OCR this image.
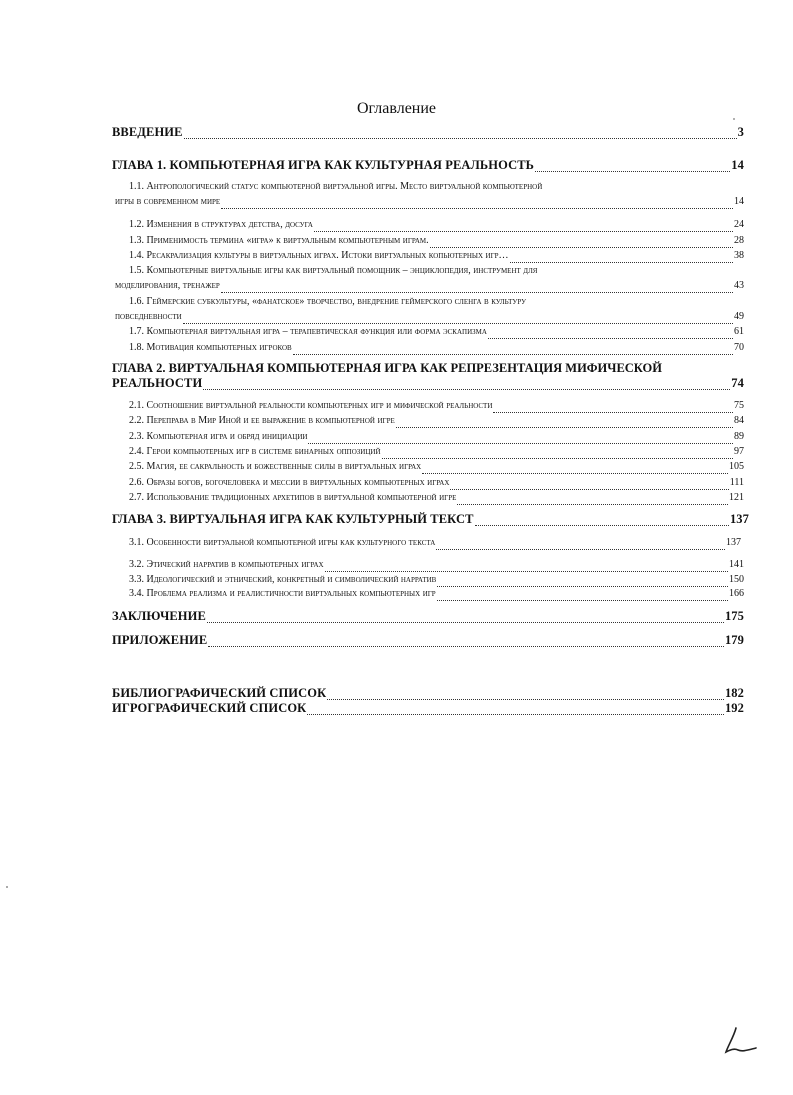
Оглавление
ВВЕДЕНИЕ	3
ГЛАВА 1. КОМПЬЮТЕРНАЯ ИГРА КАК КУЛЬТУРНАЯ РЕАЛЬНОСТЬ	14
1.1. Антропологический статус компьютерной виртуальной игры. Место виртуальной компьютерной
игры в современном мире	14
1.2. Изменения в структурах детства, досуга	24
1.3. Применимость термина «игра» к виртуальным компьютерным играм.	28
1.4. Ресакрализация культуры в виртуальных играх. Истоки виртуальных копьютерных игр…	38
1.5. Компьютерные виртуальные игры как виртуальный помощник – энциклопедия, инструмент для
моделирования, тренажер	43
1.6. Геймерские субкультуры, «фанатское» творчество, внедрение геймерского сленга в культуру
повседневности	49
1.7. Компьютерная виртуальная игра – терапевтическая функция или форма эскапизма	61
1.8. Мотивация компьютерных игроков	70
ГЛАВА 2. ВИРТУАЛЬНАЯ КОМПЬЮТЕРНАЯ ИГРА КАК РЕПРЕЗЕНТАЦИЯ МИФИЧЕСКОЙ
РЕАЛЬНОСТИ	74
2.1. Соотношение виртуальной реальности компьютерных игр и мифической реальности	75
2.2. Переправа в Мир Иной и ее выражение в компьютерной игре	84
2.3. Компьютерная игра и обряд инициации	89
2.4. Герои компьютерных игр в системе бинарных оппозиций	97
2.5. Магия, ее сакральность и божественные силы в виртуальных играх	105
2.6. Образы богов, богочеловека и мессии в виртуальных компьютерных играх	111
2.7. Использование традиционных архетипов в виртуальной компьютерной игре	121
ГЛАВА 3. ВИРТУАЛЬНАЯ ИГРА КАК КУЛЬТУРНЫЙ ТЕКСТ	137
3.1. Особенности виртуальной компьютерной игры как культурного текста	137
3.2. Этический нарратив в компьютерных играх	141
3.3. Идеологический и этнический, конкретный и символический нарратив	150
3.4. Проблема реализма и реалистичности виртуальных компьютерных игр	166
ЗАКЛЮЧЕНИЕ	175
ПРИЛОЖЕНИЕ	179
БИБЛИОГРАФИЧЕСКИЙ СПИСОК	182
ИГРОГРАФИЧЕСКИЙ СПИСОК	192
